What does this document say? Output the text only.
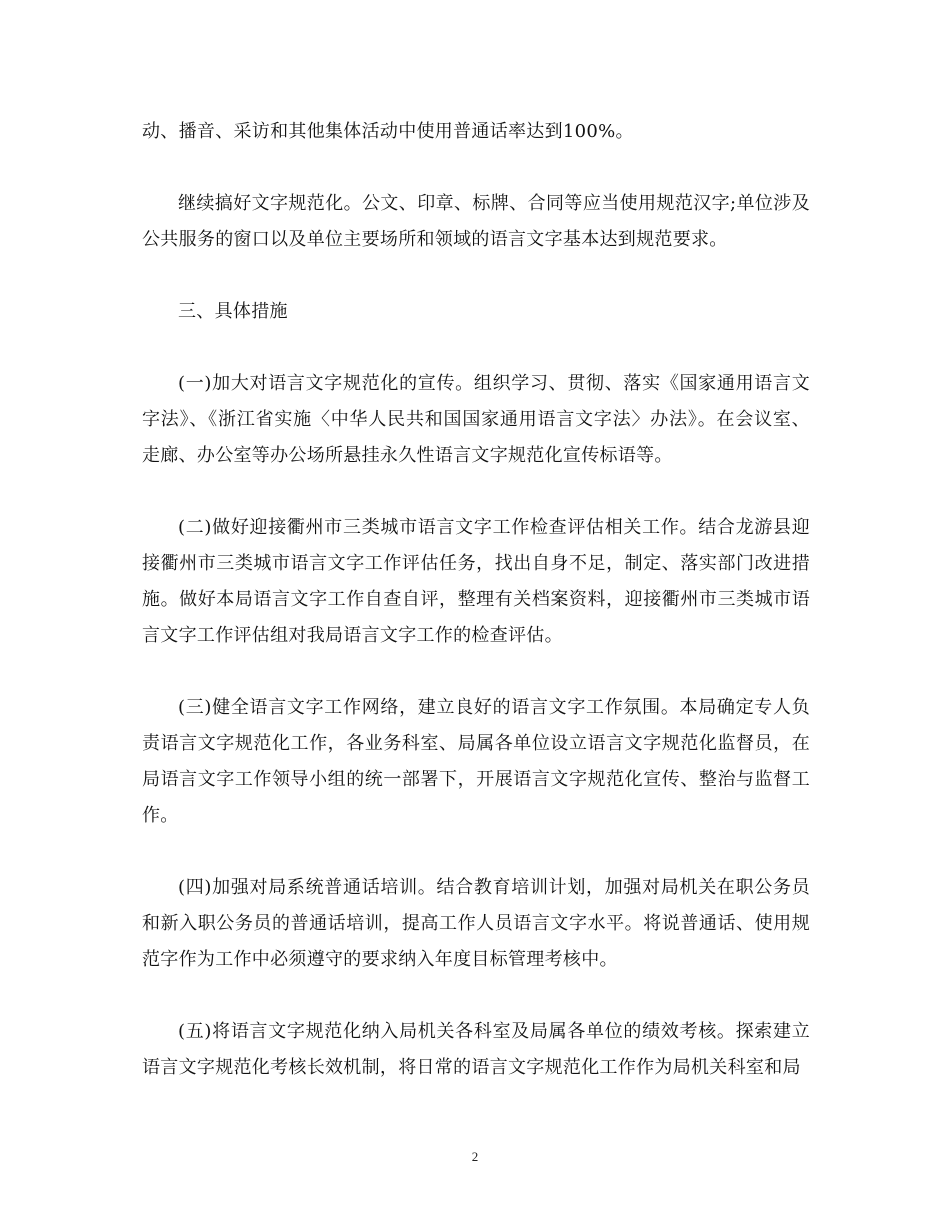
动、播音、采访和其他集体活动中使用普通话率达到100%。

继续搞好文字规范化。公文、印章、标牌、合同等应当使用规范汉字;单位涉及公共服务的窗口以及单位主要场所和领域的语言文字基本达到规范要求。

三、具体措施

(一)加大对语言文字规范化的宣传。组织学习、贯彻、落实《国家通用语言文字法》、《浙江省实施〈中华人民共和国国家通用语言文字法〉办法》。在会议室、走廊、办公室等办公场所悬挂永久性语言文字规范化宣传标语等。

(二)做好迎接衢州市三类城市语言文字工作检查评估相关工作。结合龙游县迎接衢州市三类城市语言文字工作评估任务，找出自身不足，制定、落实部门改进措施。做好本局语言文字工作自查自评，整理有关档案资料，迎接衢州市三类城市语言文字工作评估组对我局语言文字工作的检查评估。

(三)健全语言文字工作网络，建立良好的语言文字工作氛围。本局确定专人负责语言文字规范化工作，各业务科室、局属各单位设立语言文字规范化监督员，在局语言文字工作领导小组的统一部署下，开展语言文字规范化宣传、整治与监督工作。

(四)加强对局系统普通话培训。结合教育培训计划，加强对局机关在职公务员和新入职公务员的普通话培训，提高工作人员语言文字水平。将说普通话、使用规范字作为工作中必须遵守的要求纳入年度目标管理考核中。

(五)将语言文字规范化纳入局机关各科室及局属各单位的绩效考核。探索建立语言文字规范化考核长效机制，将日常的语言文字规范化工作作为局机关科室和局

2
